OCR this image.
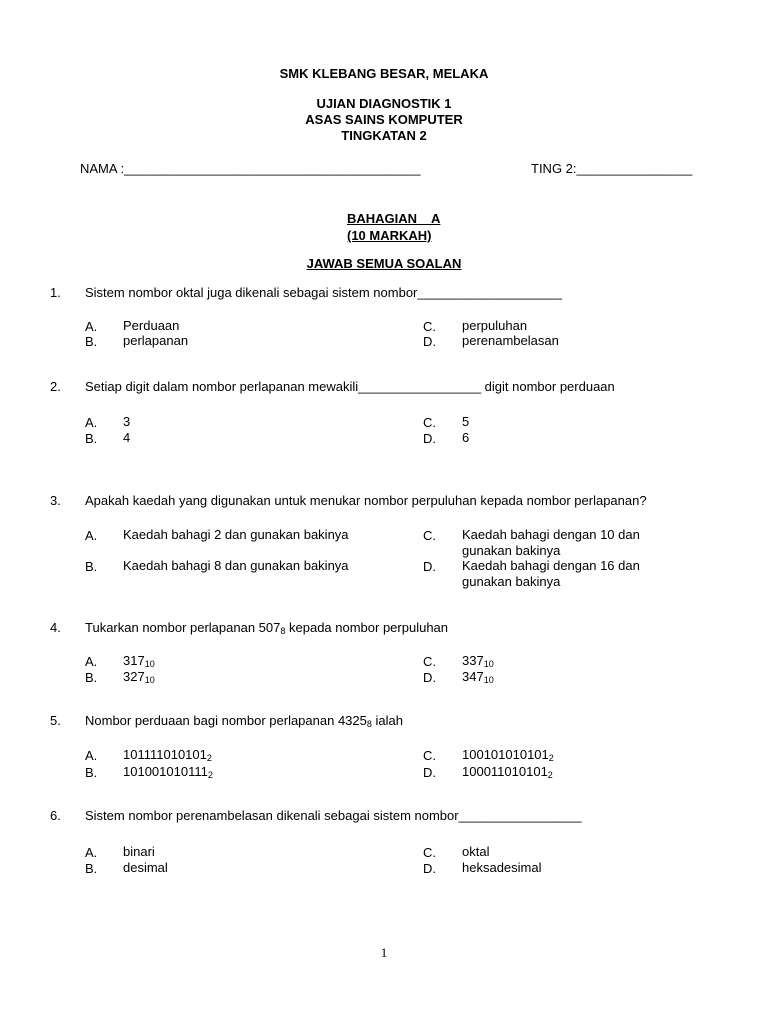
SMK KLEBANG BESAR, MELAKA
UJIAN DIAGNOSTIK 1
ASAS SAINS KOMPUTER
TINGKATAN 2
NAMA :_________________________________________	TING 2:________________
BAHAGIAN    A
(10 MARKAH)
JAWAB SEMUA SOALAN
1. Sistem nombor oktal juga dikenali sebagai sistem nombor____________________
A.	Perduaan
B.	perlapanan
C.	perpuluhan
D.	perenambelasan
2. Setiap digit dalam nombor perlapanan mewakili_________________ digit nombor perduaan
A.	3
B.	4
C.	5
D.	6
3. Apakah kaedah yang digunakan untuk menukar nombor perpuluhan kepada nombor perlapanan?
A.	Kaedah bahagi 2 dan gunakan bakinya
B.	Kaedah bahagi 8 dan gunakan bakinya
C.	Kaedah bahagi dengan 10 dan gunakan bakinya
D.	Kaedah bahagi dengan 16 dan gunakan bakinya
4. Tukarkan nombor perlapanan $507_8$ kepada nombor perpuluhan
A.	$317_{10}$
B.	$327_{10}$
C.	$337_{10}$
D.	$347_{10}$
5. Nombor perduaan bagi nombor perlapanan $4325_8$ ialah
A.	$101111010101_2$
B.	$101001010111_2$
C.	$100101010101_2$
D.	$100011010101_2$
6. Sistem nombor perenambelasan dikenali sebagai sistem nombor_________________
A.	binari
B.	desimal
C.	oktal
D.	heksadesimal
1
